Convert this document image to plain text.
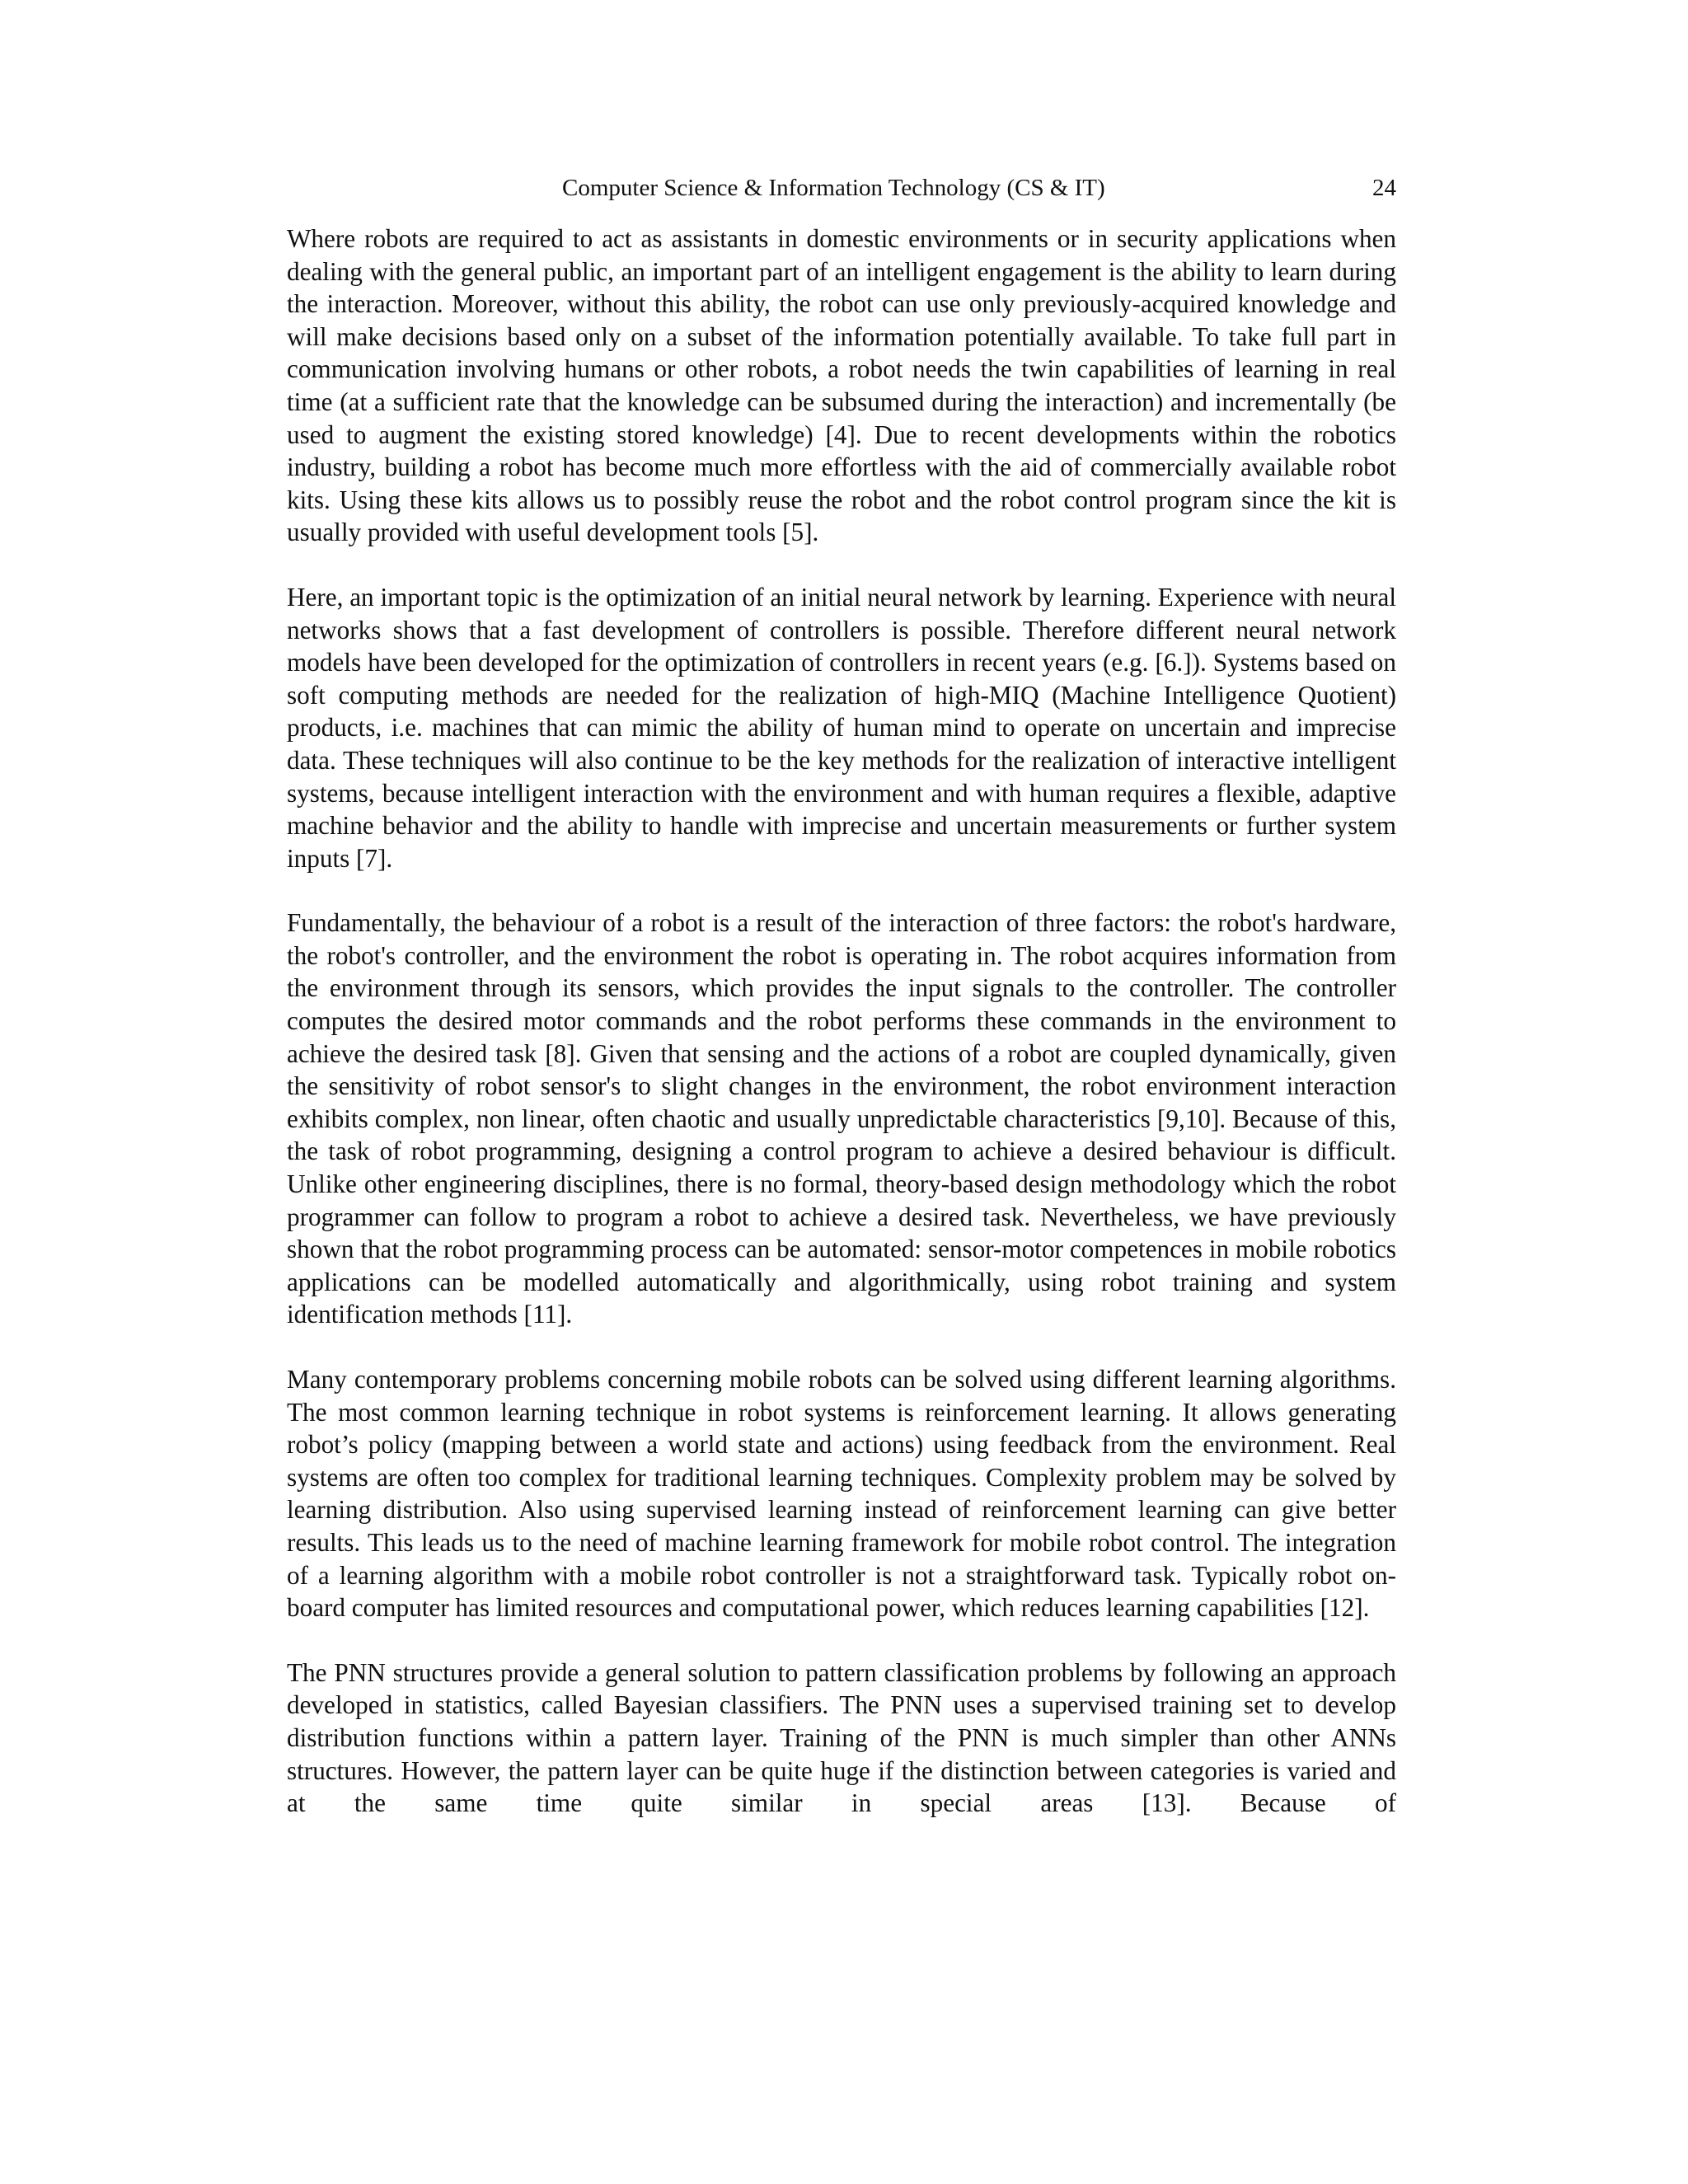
Computer Science & Information Technology (CS & IT)	24

Where robots are required to act as assistants in domestic environments or in security applications when dealing with the general public, an important part of an intelligent engagement is the ability to learn during the interaction. Moreover, without this ability, the robot can use only previously-acquired knowledge and will make decisions based only on a subset of the information potentially available. To take full part in communication involving humans or other robots, a robot needs the twin capabilities of learning in real time (at a sufficient rate that the knowledge can be subsumed during the interaction) and incrementally (be used to augment the existing stored knowledge) [4]. Due to recent developments within the robotics industry, building a robot has become much more effortless with the aid of commercially available robot kits. Using these kits allows us to possibly reuse the robot and the robot control program since the kit is usually provided with useful development tools [5].

Here, an important topic is the optimization of an initial neural network by learning. Experience with neural networks shows that a fast development of controllers is possible. Therefore different neural network models have been developed for the optimization of controllers in recent years (e.g. [6.]). Systems based on soft computing methods are needed for the realization of high-MIQ (Machine Intelligence Quotient) products, i.e. machines that can mimic the ability of human mind to operate on uncertain and imprecise data. These techniques will also continue to be the key methods for the realization of interactive intelligent systems, because intelligent interaction with the environment and with human requires a flexible, adaptive machine behavior and the ability to handle with imprecise and uncertain measurements or further system inputs [7].

Fundamentally, the behaviour of a robot is a result of the interaction of three factors: the robot's hardware, the robot's controller, and the environment the robot is operating in. The robot acquires information from the environment through its sensors, which provides the input signals to the controller. The controller computes the desired motor commands and the robot performs these commands in the environment to achieve the desired task [8]. Given that sensing and the actions of a robot are coupled dynamically, given the sensitivity of robot sensor's to slight changes in the environment, the robot environment interaction exhibits complex, non linear, often chaotic and usually unpredictable characteristics [9,10]. Because of this, the task of robot programming, designing a control program to achieve a desired behaviour is difficult. Unlike other engineering disciplines, there is no formal, theory-based design methodology which the robot programmer can follow to program a robot to achieve a desired task. Nevertheless, we have previously shown that the robot programming process can be automated: sensor-motor competences in mobile robotics applications can be modelled automatically and algorithmically, using robot training and system identification methods [11].

Many contemporary problems concerning mobile robots can be solved using different learning algorithms. The most common learning technique in robot systems is reinforcement learning. It allows generating robot’s policy (mapping between a world state and actions) using feedback from the environment. Real systems are often too complex for traditional learning techniques. Complexity problem may be solved by learning distribution. Also using supervised learning instead of reinforcement learning can give better results. This leads us to the need of machine learning framework for mobile robot control. The integration of a learning algorithm with a mobile robot controller is not a straightforward task. Typically robot on-board computer has limited resources and computational power, which reduces learning capabilities [12].

The PNN structures provide a general solution to pattern classification problems by following an approach developed in statistics, called Bayesian classifiers. The PNN uses a supervised training set to develop distribution functions within a pattern layer. Training of the PNN is much simpler than other ANNs structures. However, the pattern layer can be quite huge if the distinction between categories is varied and at the same time quite similar in special areas [13]. Because of
